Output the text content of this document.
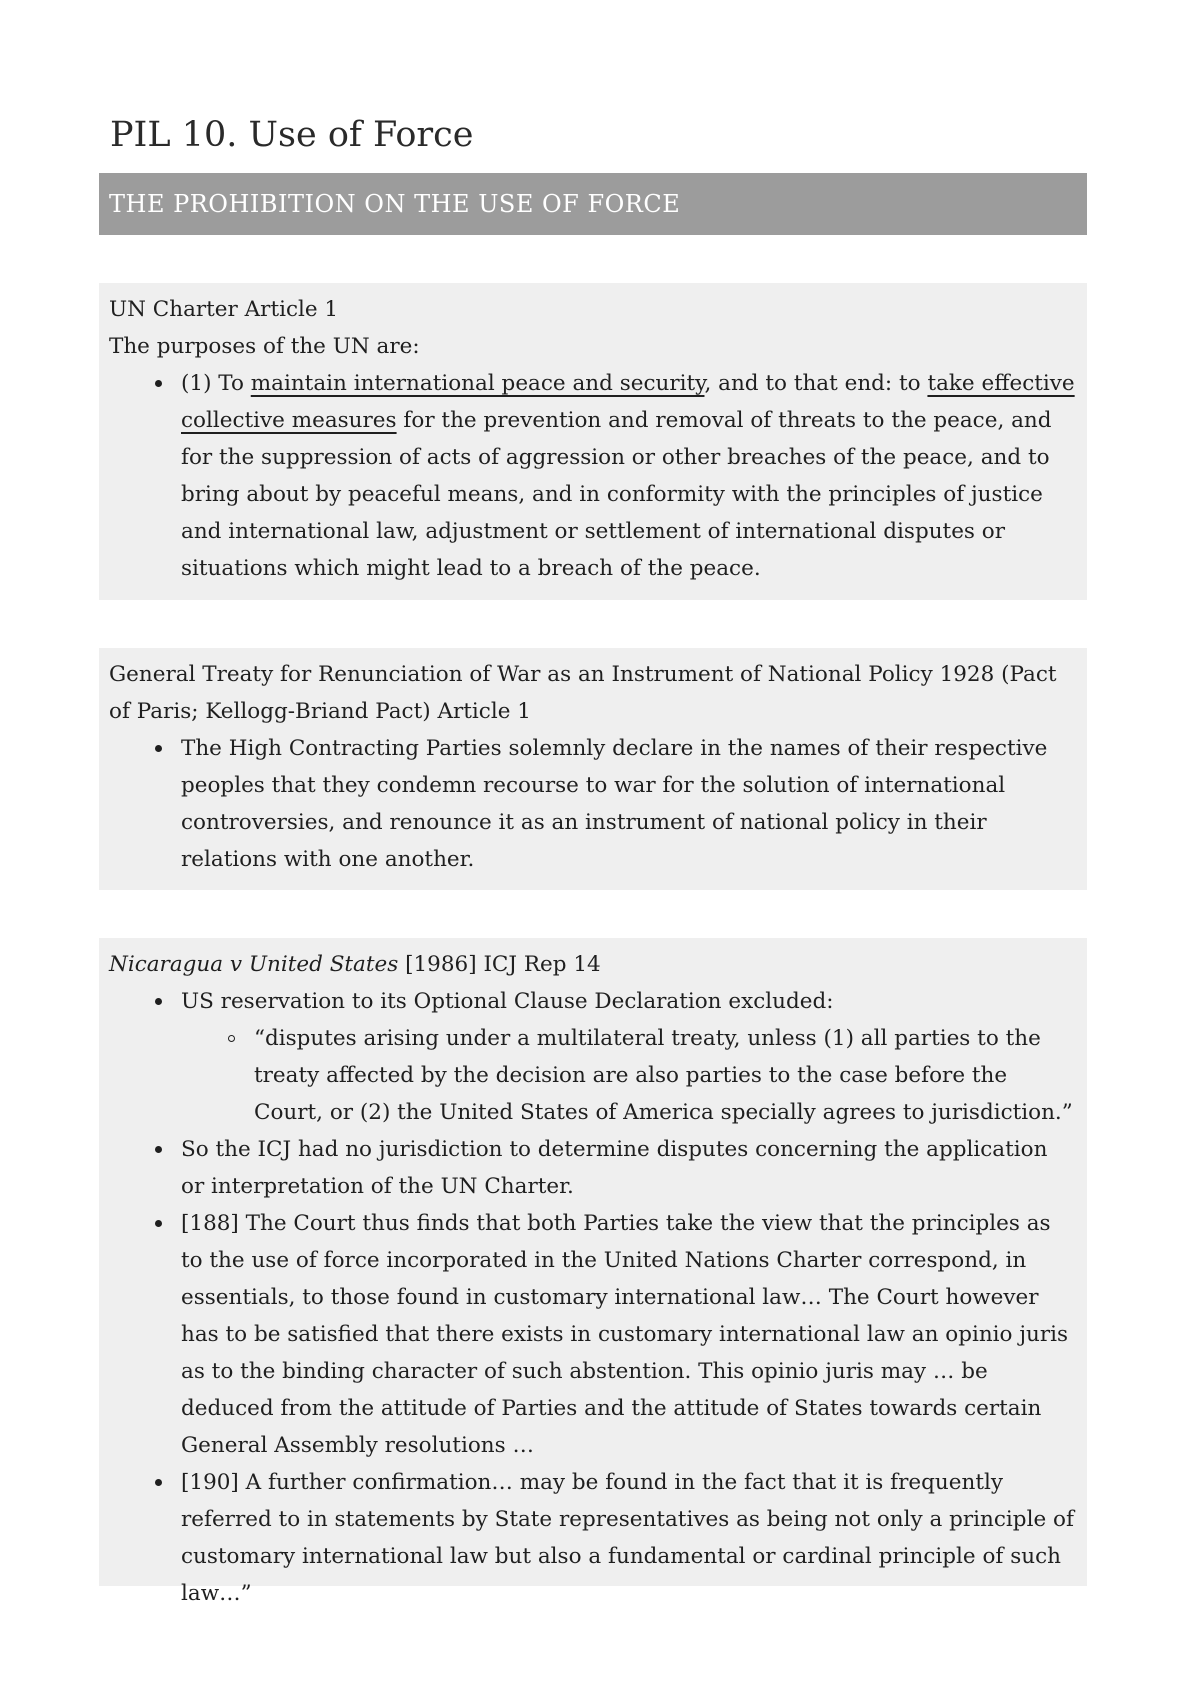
PIL 10. Use of Force
THE PROHIBITION ON THE USE OF FORCE

UN Charter Article 1

The purposes of the UN are:

(1) To maintain international peace and security, and to that end: to take effective collective measures for the prevention and removal of threats to the peace, and for the suppression of acts of aggression or other breaches of the peace, and to bring about by peaceful means, and in conformity with the principles of justice and international law, adjustment or settlement of international disputes or situations which might lead to a breach of the peace.

General Treaty for Renunciation of War as an Instrument of National Policy 1928 (Pact of Paris; Kellogg-Briand Pact) Article 1

The High Contracting Parties solemnly declare in the names of their respective peoples that they condemn recourse to war for the solution of international controversies, and renounce it as an instrument of national policy in their relations with one another.

Nicaragua v United States [1986] ICJ Rep 14

US reservation to its Optional Clause Declaration excluded:
“disputes arising under a multilateral treaty, unless (1) all parties to the treaty affected by the decision are also parties to the case before the Court, or (2) the United States of America specially agrees to jurisdiction.”
So the ICJ had no jurisdiction to determine disputes concerning the application or interpretation of the UN Charter.
[188] The Court thus finds that both Parties take the view that the principles as to the use of force incorporated in the United Nations Charter correspond, in essentials, to those found in customary international law… The Court however has to be satisfied that there exists in customary international law an opinio juris as to the binding character of such abstention. This opinio juris may … be deduced from the attitude of Parties and the attitude of States towards certain General Assembly resolutions …
[190] A further confirmation… may be found in the fact that it is frequently referred to in statements by State representatives as being not only a principle of customary international law but also a fundamental or cardinal principle of such law…”
